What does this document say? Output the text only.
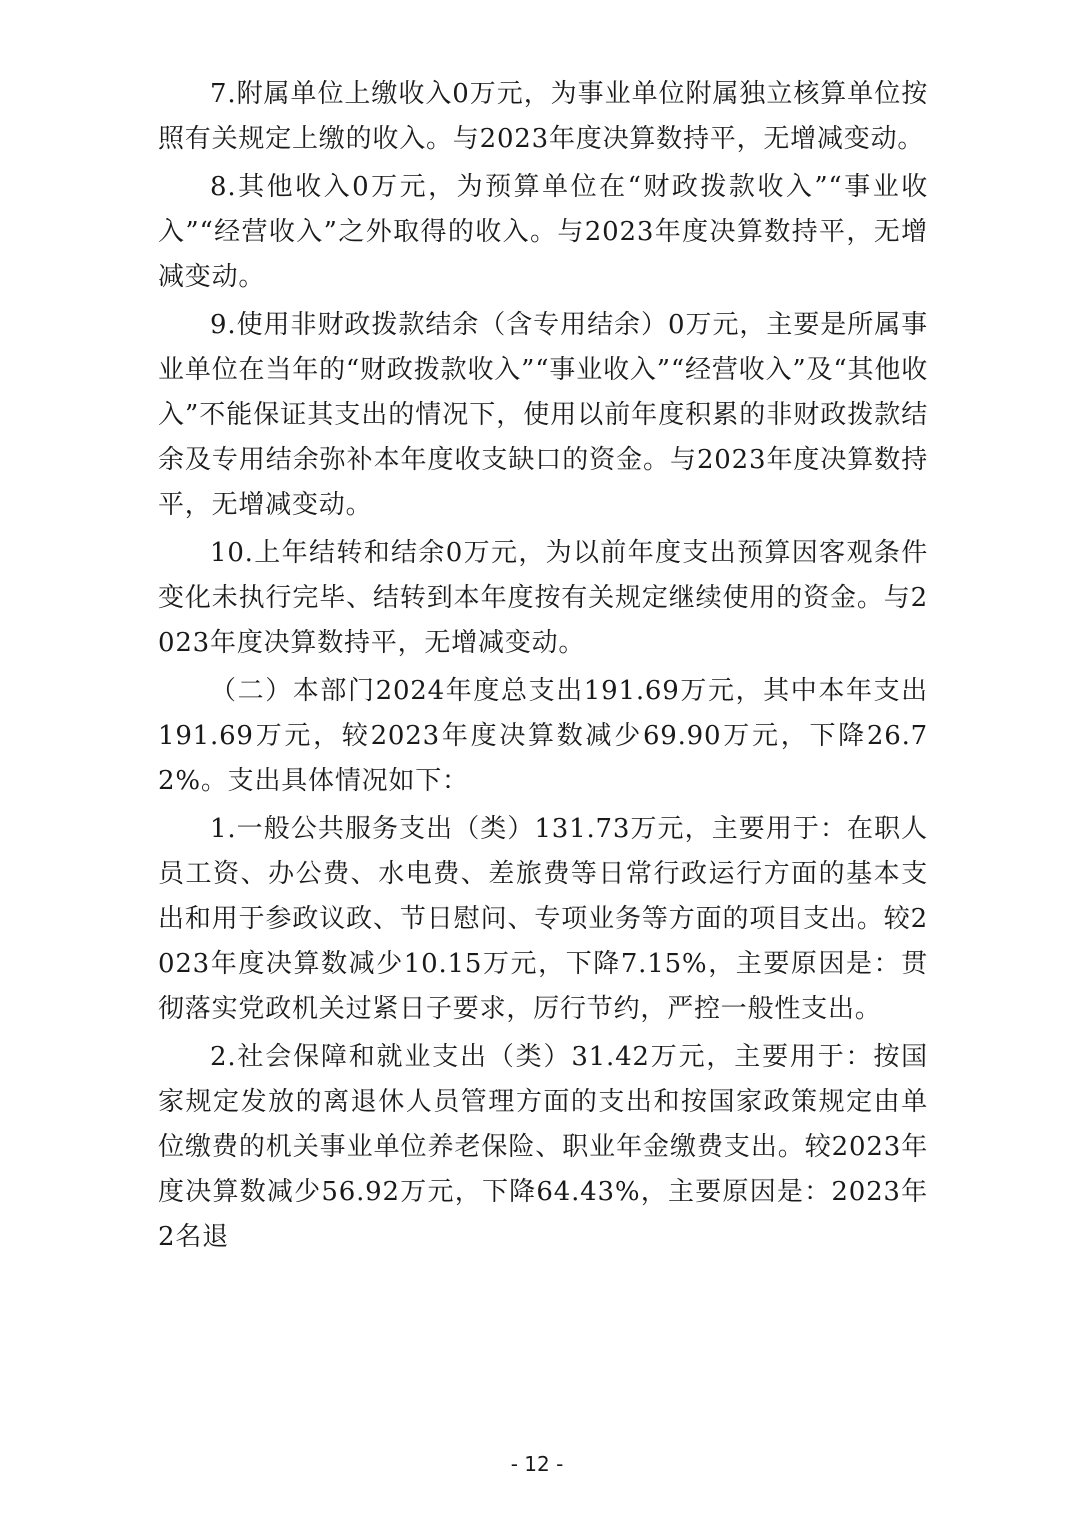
7.附属单位上缴收入0万元，为事业单位附属独立核算单位按照有关规定上缴的收入。与2023年度决算数持平，无增减变动。

8.其他收入0万元，为预算单位在“财政拨款收入”“事业收入”“经营收入”之外取得的收入。与2023年度决算数持平，无增减变动。

9.使用非财政拨款结余（含专用结余）0万元，主要是所属事业单位在当年的“财政拨款收入”“事业收入”“经营收入”及“其他收入”不能保证其支出的情况下，使用以前年度积累的非财政拨款结余及专用结余弥补本年度收支缺口的资金。与2023年度决算数持平，无增减变动。

10.上年结转和结余0万元，为以前年度支出预算因客观条件变化未执行完毕、结转到本年度按有关规定继续使用的资金。与2023年度决算数持平，无增减变动。

（二）本部门2024年度总支出191.69万元，其中本年支出191.69万元，较2023年度决算数减少69.90万元，下降26.72%。支出具体情况如下：

1.一般公共服务支出（类）131.73万元，主要用于：在职人员工资、办公费、水电费、差旅费等日常行政运行方面的基本支出和用于参政议政、节日慰问、专项业务等方面的项目支出。较2023年度决算数减少10.15万元，下降7.15%，主要原因是：贯彻落实党政机关过紧日子要求，厉行节约，严控一般性支出。

2.社会保障和就业支出（类）31.42万元，主要用于：按国家规定发放的离退休人员管理方面的支出和按国家政策规定由单位缴费的机关事业单位养老保险、职业年金缴费支出。较2023年度决算数减少56.92万元，下降64.43%，主要原因是：2023年2名退

- 12 -
